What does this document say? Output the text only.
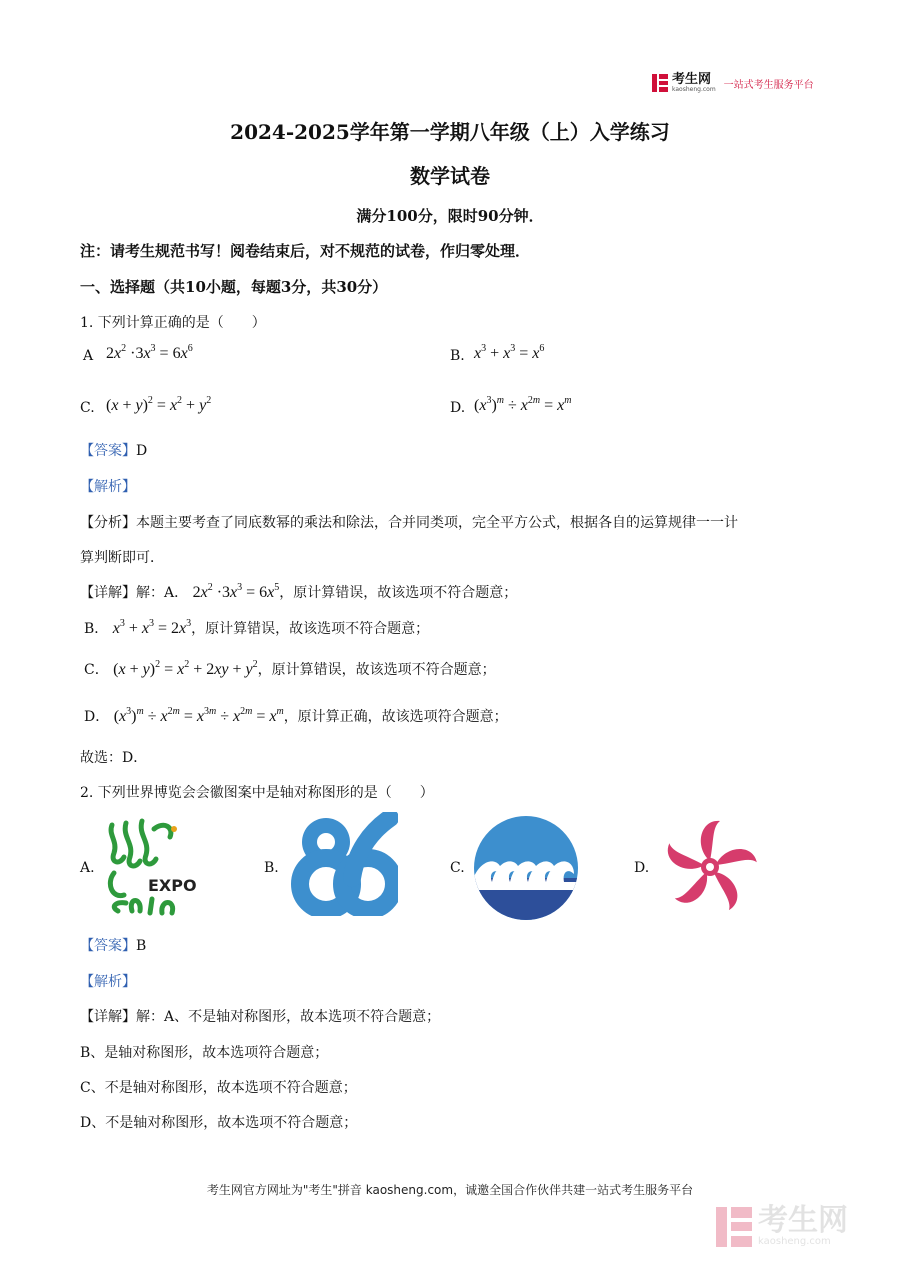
考生网
kaosheng.com 一站式考生服务平台
2024-2025学年第一学期八年级（上）入学练习
数学试卷
满分100分，限时90分钟．
注：请考生规范书写！阅卷结束后，对不规范的试卷，作归零处理．
一、选择题（共10小题，每题3分，共30分）
1. 下列计算正确的是（　　）
A $2x^2 \cdot 3x^3 = 6x^6$	B. $x^3 + x^3 = x^6$
C. $(x + y)^2 = x^2 + y^2$	D. $(x^3)^m \div x^{2m} = x^m$
【答案】D
【解析】
【分析】本题主要考查了同底数幂的乘法和除法，合并同类项，完全平方公式，根据各自的运算规律一一计
算判断即可．
【详解】解：A． $2x^2 \cdot 3x^3 = 6x^5$，原计算错误，故该选项不符合题意；
B． $x^3 + x^3 = 2x^3$，原计算错误，故该选项不符合题意；
C． $(x + y)^2 = x^2 + 2xy + y^2$，原计算错误，故该选项不符合题意；
D． $(x^3)^m \div x^{2m} = x^{3m} \div x^{2m} = x^m$，原计算正确，故该选项符合题意；
故选：D．
2. 下列世界博览会会徽图案中是轴对称图形的是（　　）
A.
EXPO
B.	C.	D.
【答案】B
【解析】
【详解】解：A、不是轴对称图形，故本选项不符合题意；
B、是轴对称图形，故本选项符合题意；
C、不是轴对称图形，故本选项不符合题意；
D、不是轴对称图形，故本选项不符合题意；
考生网官方网址为"考生"拼音 kaosheng.com，诚邀全国合作伙伴共建一站式考生服务平台
考生网
kaosheng.com
